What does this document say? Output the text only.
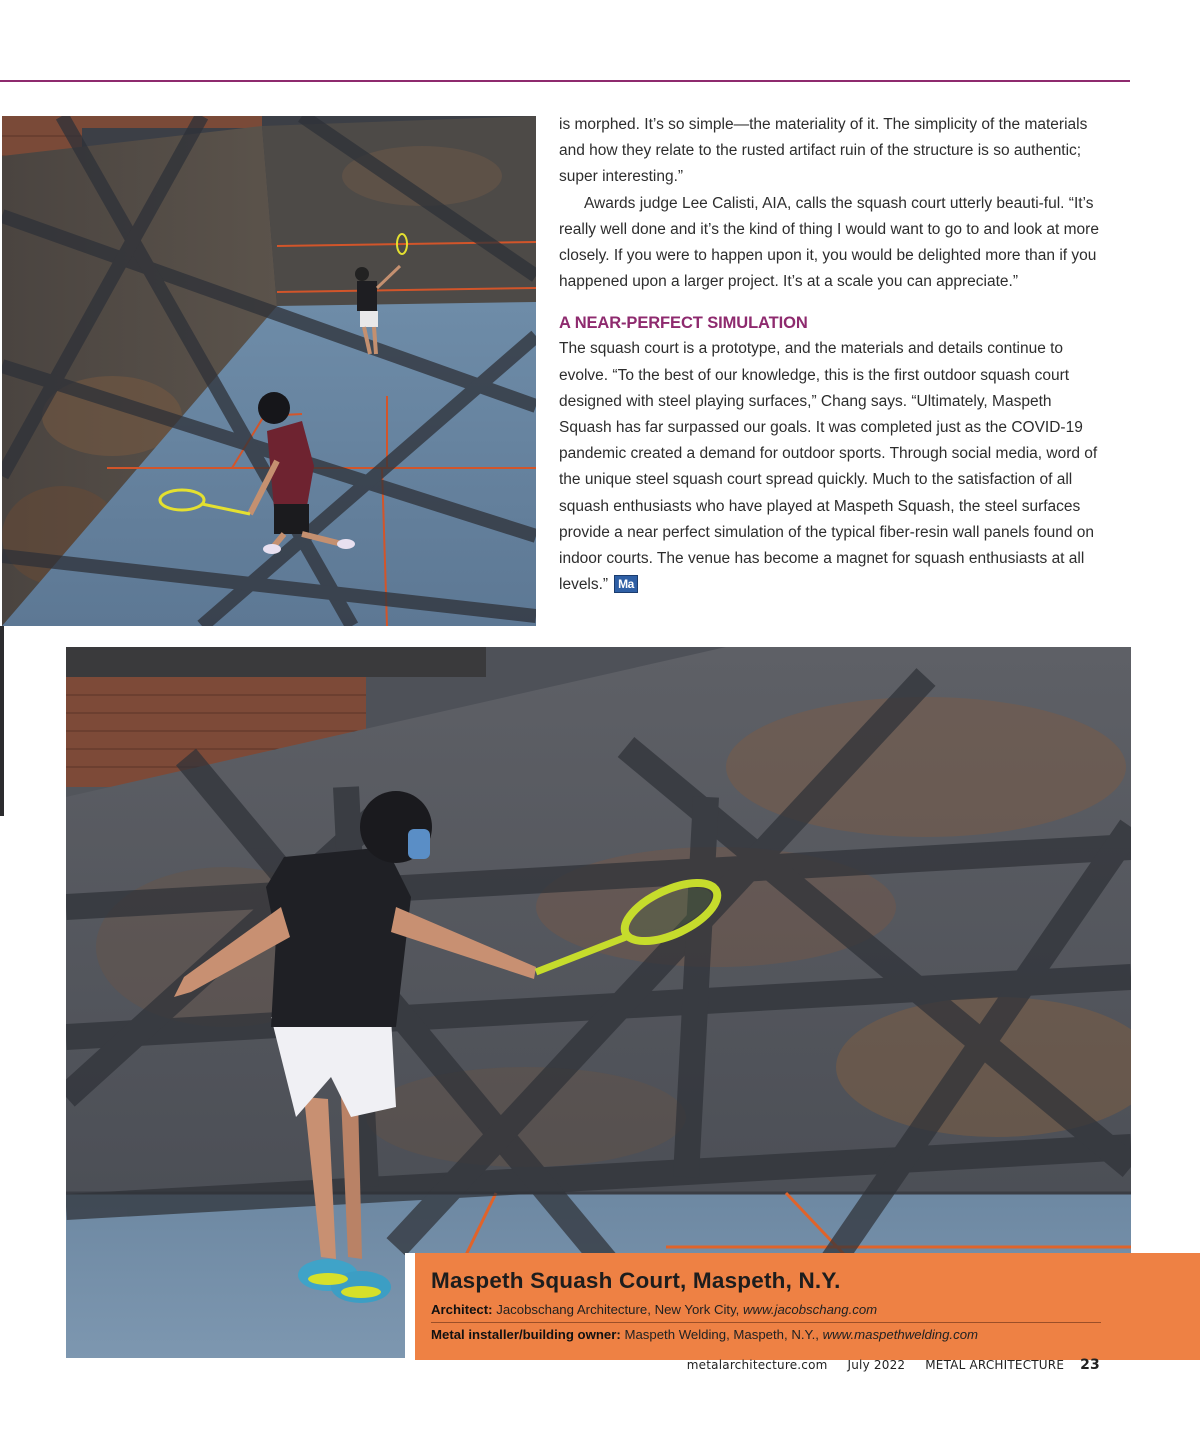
is morphed. It’s so simple—the materiality of it. The simplicity of the materials and how they relate to the rusted artifact ruin of the structure is so authentic; super interesting.”

Awards judge Lee Calisti, AIA, calls the squash court utterly beauti-ful. “It’s really well done and it’s the kind of thing I would want to go to and look at more closely. If you were to happen upon it, you would be delighted more than if you happened upon a larger project. It’s at a scale you can appreciate.”

A NEAR-PERFECT SIMULATION

The squash court is a prototype, and the materials and details continue to evolve. “To the best of our knowledge, this is the first outdoor squash court designed with steel playing surfaces,” Chang says. “Ultimately, Maspeth Squash has far surpassed our goals. It was completed just as the COVID-19 pandemic created a demand for outdoor sports. Through social media, word of the unique steel squash court spread quickly. Much to the satisfaction of all squash enthusiasts who have played at Maspeth Squash, the steel surfaces provide a near perfect simulation of the typical fiber-resin wall panels found on indoor courts. The venue has become a magnet for squash enthusiasts at all levels.” Ma

Maspeth Squash Court, Maspeth, N.Y.
Architect: Jacobschang Architecture, New York City, www.jacobschang.com
Metal installer/building owner: Maspeth Welding, Maspeth, N.Y., www.maspethwelding.com
metalarchitecture.com July 2022 METAL ARCHITECTURE 23
